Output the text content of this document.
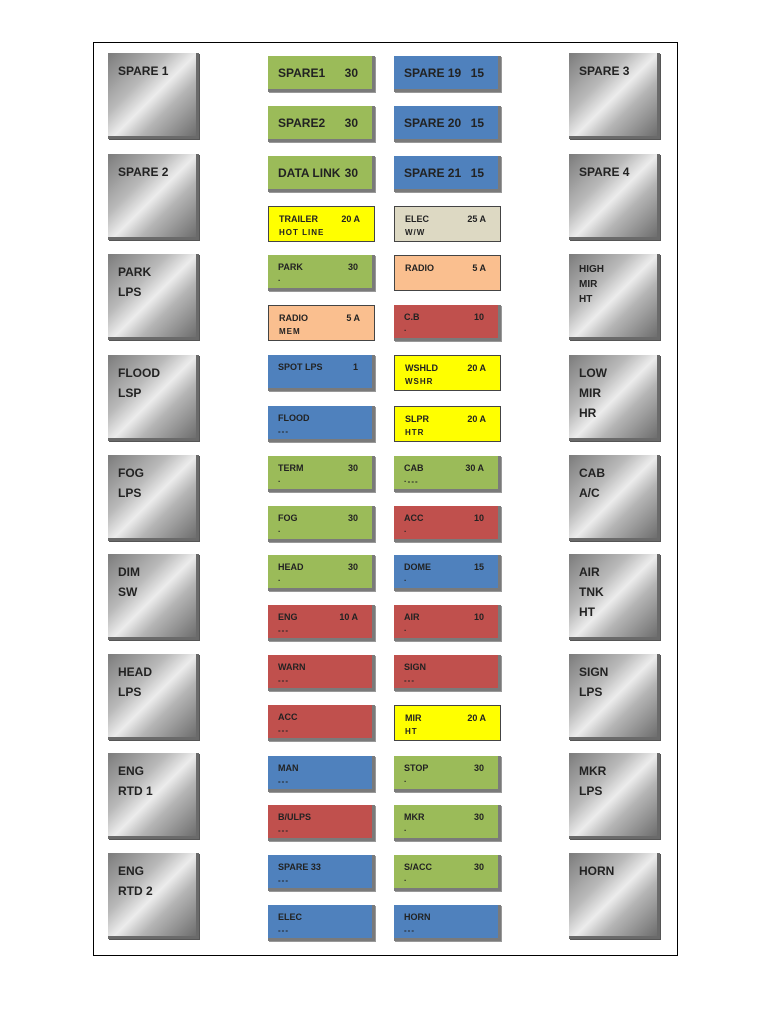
SPARE 1
SPARE 2
PARK
LPS
FLOOD
LSP
FOG
LPS
DIM
SW
HEAD
LPS
ENG
RTD 1
ENG
RTD 2
SPARE 3
SPARE 4
HIGH
MIR
HT
LOW
MIR
HR
CAB
A/C
AIR
TNK
HT
SIGN
LPS
MKR
LPS
HORN
SPARE1 30
SPARE2 30
DATA LINK 30
TRAILER	20 A
HOT LINE
PARK	30
·
RADIO	5 A
MEM
SPOT LPS	1
FLOOD
---
TERM	30
·
FOG	30
·
HEAD	30
·
ENG	10 A
---
WARN
---
ACC
---
MAN
---
B/ULPS
---
SPARE 33
---
ELEC
---
SPARE 19 15
SPARE 20 15
SPARE 21 15
ELEC	25 A
W/W
RADIO	5 A
C.B	10
·
WSHLD	20 A
WSHR
SLPR	20 A
HTR
CAB	30 A
·---
ACC	10
·
DOME	15
·
AIR	10
·
SIGN
---
MIR	20 A
HT
STOP	30
·
MKR	30
·
S/ACC	30
·
HORN
---
